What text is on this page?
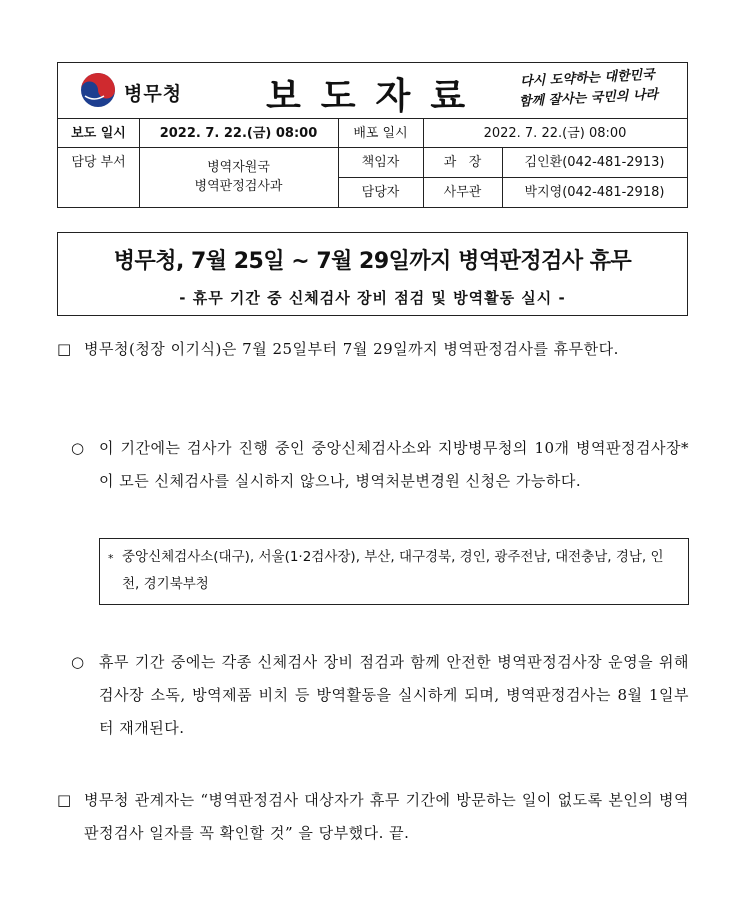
병무청 보도자료	다시 도약하는 대한민국
함께 잘사는 국민의 나라
보도 일시	2022. 7. 22.(금) 08:00	배포 일시	2022. 7. 22.(금) 08:00
담당 부서	병역자원국
병역판정검사과
책임자	과   장	김인환(042-481-2913)
담당자	사무관	박지영(042-481-2918)
병무청, 7월 25일 ~ 7월 29일까지 병역판정검사 휴무
- 휴무 기간 중 신체검사 장비 점검 및 방역활동 실시 -
□ 병무청(청장 이기식)은 7월 25일부터 7월 29일까지 병역판정검사를 휴무한다.
○ 이 기간에는 검사가 진행 중인 중앙신체검사소와 지방병무청의 10개 병역판정검사장*이 모든 신체검사를 실시하지 않으나, 병역처분변경원 신청은 가능하다.
* 중앙신체검사소(대구), 서울(1·2검사장), 부산, 대구경북, 경인, 광주전남, 대전충남, 경남, 인천, 경기북부청
○ 휴무 기간 중에는 각종 신체검사 장비 점검과 함께 안전한 병역판정검사장 운영을 위해 검사장 소독, 방역제품 비치 등 방역활동을 실시하게 되며, 병역판정검사는 8월 1일부터 재개된다.
□ 병무청 관계자는 “병역판정검사 대상자가 휴무 기간에 방문하는 일이 없도록 본인의 병역판정검사 일자를 꼭 확인할 것” 을 당부했다. 끝.
